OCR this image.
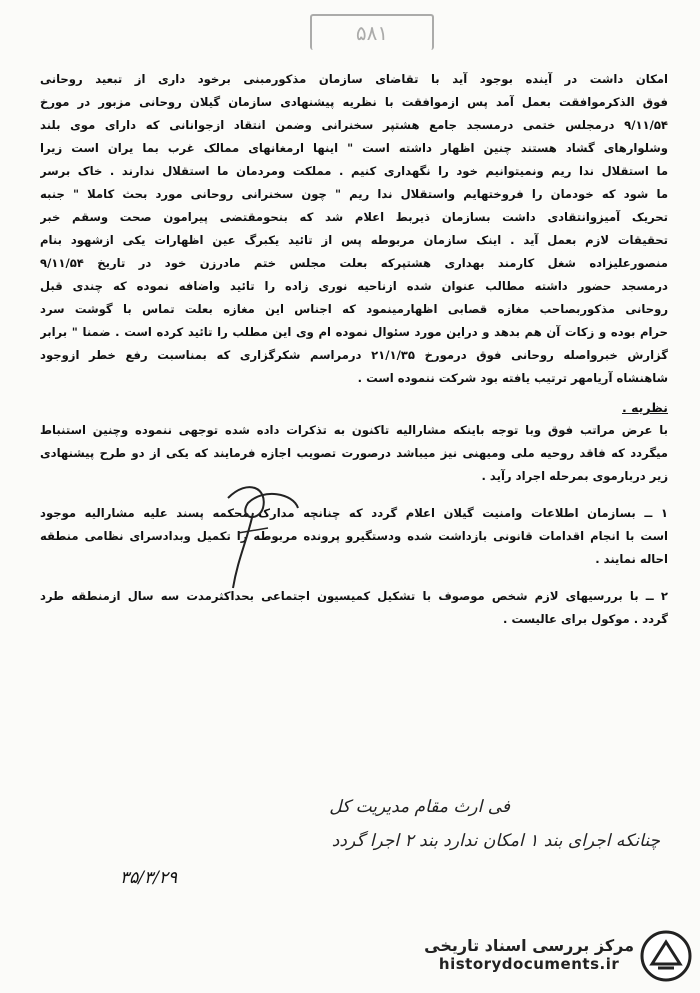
۵٨١
امکان داشت در آینده بوجود آید با تقاضای سازمان مذکورمبنی برخود داری از تبعید روحانی
فوق الذکرموافقت بعمل آمد پس ازموافقت با نظریه پیشنهادی سازمان گیلان روحانی مزبور در مورخ
۹/۱۱/۵۴ درمجلس ختمی درمسجد جامع هشتپر سخنرانی وضمن انتقاد ازجوانانی که دارای موی بلند
وشلوارهای گشاد هستند چنین اظهار داشته است " اینها ارمغانهای ممالک غرب بما یران است زیرا
ما استقلال ندا ریم ونمیتوانیم خود را نگهداری کنیم . مملکت ومردمان ما استقلال ندارند . خاک برسر
ما شود که خودمان را فروختهایم واستقلال ندا ریم " چون سخنرانی روحانی مورد بحث کاملا " جنبه
تحریک آمیزوانتقادی داشت بسازمان ذیربط اعلام شد که بنحومقتضی پیرامون صحت وسقم خبر
تحقیقات لازم بعمل آید . اینک سازمان مربوطه پس از تائید یکبرگ عین اظهارات یکی ازشهود بنام
منصورعلیزاده شغل کارمند بهداری هشتپرکه بعلت مجلس ختم مادرزن خود در تاریخ ۹/۱۱/۵۴
درمسجد حضور داشته مطالب عنوان شده ازناحیه نوری زاده را تائید واضافه نموده که چندی قبل
روحانی مذکوربصاحب مغازه قصابی اظهارمینمود که اجناس این مغازه بعلت تماس با گوشت سرد
حرام بوده و زکات آن هم بدهد و دراین مورد سئوال نموده ام وی این مطلب را تائید کرده است . ضمنا " برابر
گزارش خبرواصله روحانی فوق درمورخ ۲۱/۱/۳۵ درمراسم شکرگزاری که بمناسبت رفع خطر ازوجود
شاهنشاه آریامهر ترتیب یافته بود شرکت ننموده است .
نظریه .
با عرض مراتب فوق وبا توجه باینکه مشارالیه تاکنون به تذکرات داده شده توجهی ننموده وچنین استنباط
میگردد که فاقد روحیه ملی ومیهنی نیز میباشد درصورت تصویب اجازه فرمایند که یکی از دو طرح پیشنهادی
زیر دربارموی بمرحله اجراد رآید .
۱ ــ بسازمان اطلاعات وامنیت گیلان اعلام گردد که چنانچه مدارک محکمه پسند علیه مشارالیه موجود
است با انجام اقدامات قانونی بازداشت شده ودستگیرو پرونده مربوطه را تکمیل وبدادسرای نظامی منطقه
احاله نمایند .
۲ ــ با بررسیهای لازم شخص موصوف با تشکیل کمیسیون اجتماعی بحداکثرمدت سه سال ازمنطقه طرد
گردد . موکول برای عالیست .
فی ارث مقام مدیریت کل
چنانکه اجرای بند ۱ امکان ندارد بند ۲ اجرا گردد
۳۵/۳/۲۹
مرکز بررسی اسناد تاریخی
historydocuments.ir
